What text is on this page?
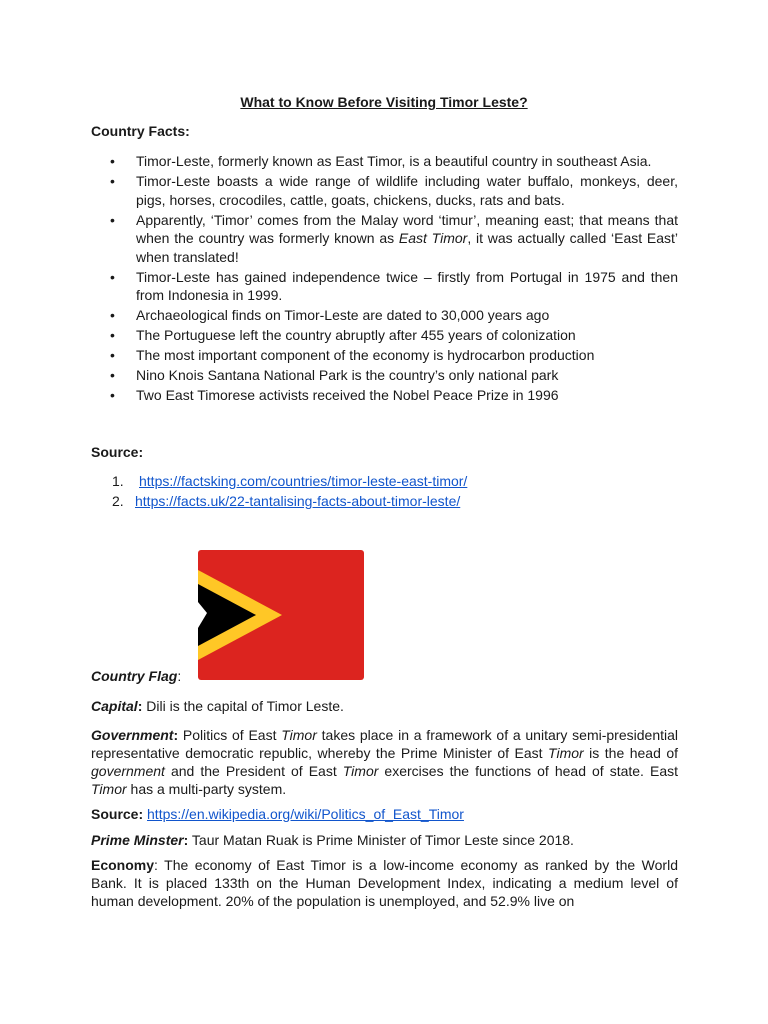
What to Know Before Visiting Timor Leste?
Country Facts:
• Timor-Leste, formerly known as East Timor, is a beautiful country in southeast Asia.
• Timor-Leste boasts a wide range of wildlife including water buffalo, monkeys, deer, pigs, horses, crocodiles, cattle, goats, chickens, ducks, rats and bats.
• Apparently, ‘Timor’ comes from the Malay word ‘timur’, meaning east; that means that when the country was formerly known as East Timor, it was actually called ‘East East’ when translated!
• Timor-Leste has gained independence twice – firstly from Portugal in 1975 and then from Indonesia in 1999.
• Archaeological finds on Timor-Leste are dated to 30,000 years ago
• The Portuguese left the country abruptly after 455 years of colonization
• The most important component of the economy is hydrocarbon production
• Nino Knois Santana National Park is the country’s only national park
• Two East Timorese activists received the Nobel Peace Prize in 1996
Source:
1. https://factsking.com/countries/timor-leste-east-timor/
2. https://facts.uk/22-tantalising-facts-about-timor-leste/

Country Flag:

Capital: Dili is the capital of Timor Leste.

Government: Politics of East Timor takes place in a framework of a unitary semi-presidential representative democratic republic, whereby the Prime Minister of East Timor is the head of government and the President of East Timor exercises the functions of head of state. East Timor has a multi-party system.

Source: https://en.wikipedia.org/wiki/Politics_of_East_Timor

Prime Minster: Taur Matan Ruak is Prime Minister of Timor Leste since 2018.

Economy: The economy of East Timor is a low-income economy as ranked by the World Bank. It is placed 133th on the Human Development Index, indicating a medium level of human development. 20% of the population is unemployed, and 52.9% live on
